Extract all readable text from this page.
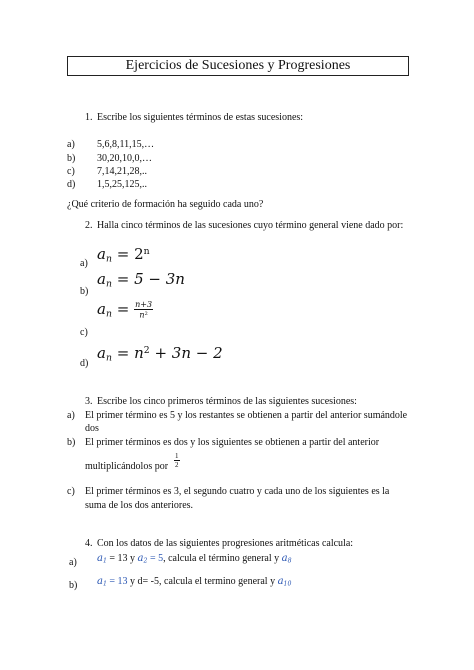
Ejercicios de Sucesiones y Progresiones
1. Escribe los siguientes términos de estas sucesiones:
a) 5,6,8,11,15,…
b) 30,20,10,0,…
c) 7,14,21,28,..
d) 1,5,25,125,..
¿Qué criterio de formación ha seguido cada uno?
2. Halla cinco términos de las sucesiones cuyo término general viene dado por:
$a_n = 2^n$
a)
$a_n = 5 - 3n$
b)
$a_n = \frac{n+3}{n^2}$
c)
$a_n = n^2 + 3n - 2$
d)
3. Escribe los cinco primeros términos de las siguientes sucesiones:
a) El primer término es 5 y los restantes se obtienen a partir del anterior sumándole
dos
b) El primer términos es dos y los siguientes se obtienen a partir del anterior
multiplicándolos por $\frac{1}{2}$
c) El primer términos es 3, el segundo cuatro y cada uno de los siguientes es la
suma de los dos anteriores.
4. Con los datos de las siguientes progresiones aritméticas calcula:
a) $a_1 = 13$ y $a_2 = 5$, calcula el término general y $a_8$
b) $a_1 = 13$ y d= -5, calcula el termino general y $a_{10}$
